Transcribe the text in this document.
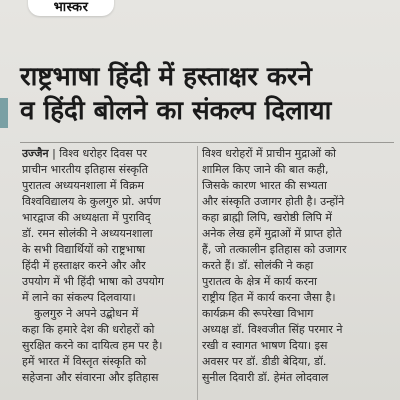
भास्कर
राष्ट्रभाषा हिंदी में हस्ताक्षर करने
व हिंदी बोलने का संकल्प दिलाया
उज्जैन | विश्व धरोहर दिवस पर
प्राचीन भारतीय इतिहास संस्कृति
पुरातत्व अध्ययनशाला में विक्रम
विश्वविद्यालय के कुलगुरु प्रो. अर्पण
भारद्वाज की अध्यक्षता में पुराविद्
डॉ. रमन सोलंकी ने अध्ययनशाला
के सभी विद्यार्थियों को राष्ट्रभाषा
हिंदी में हस्ताक्षर करने और और
उपयोग में भी हिंदी भाषा को उपयोग
में लाने का संकल्प दिलवाया।
कुलगुरु ने अपने उद्बोधन में
कहा कि हमारे देश की धरोहरों को
सुरक्षित करने का दायित्व हम पर है।
हमें भारत में विस्तृत संस्कृति को
सहेजना और संवारना और इतिहास
विश्व धरोहरों में प्राचीन मुद्राओं को
शामिल किए जाने की बात कही,
जिसके कारण भारत की सभ्यता
और संस्कृति उजागर होती है। उन्होंने
कहा ब्राह्मी लिपि, खरोष्ठी लिपि में
अनेक लेख हमें मुद्राओं में प्राप्त होते
हैं, जो तत्कालीन इतिहास को उजागर
करते हैं। डॉ. सोलंकी ने कहा
पुरातत्व के क्षेत्र में कार्य करना
राष्ट्रीय हित में कार्य करना जैसा है।
कार्यक्रम की रूपरेखा विभाग
अध्यक्ष डॉ. विश्वजीत सिंह परमार ने
रखी व स्वागत भाषण दिया। इस
अवसर पर डॉ. डीडी बेदिया, डॉ.
सुनील दिवारी डॉ. हेमंत लोदवाल
